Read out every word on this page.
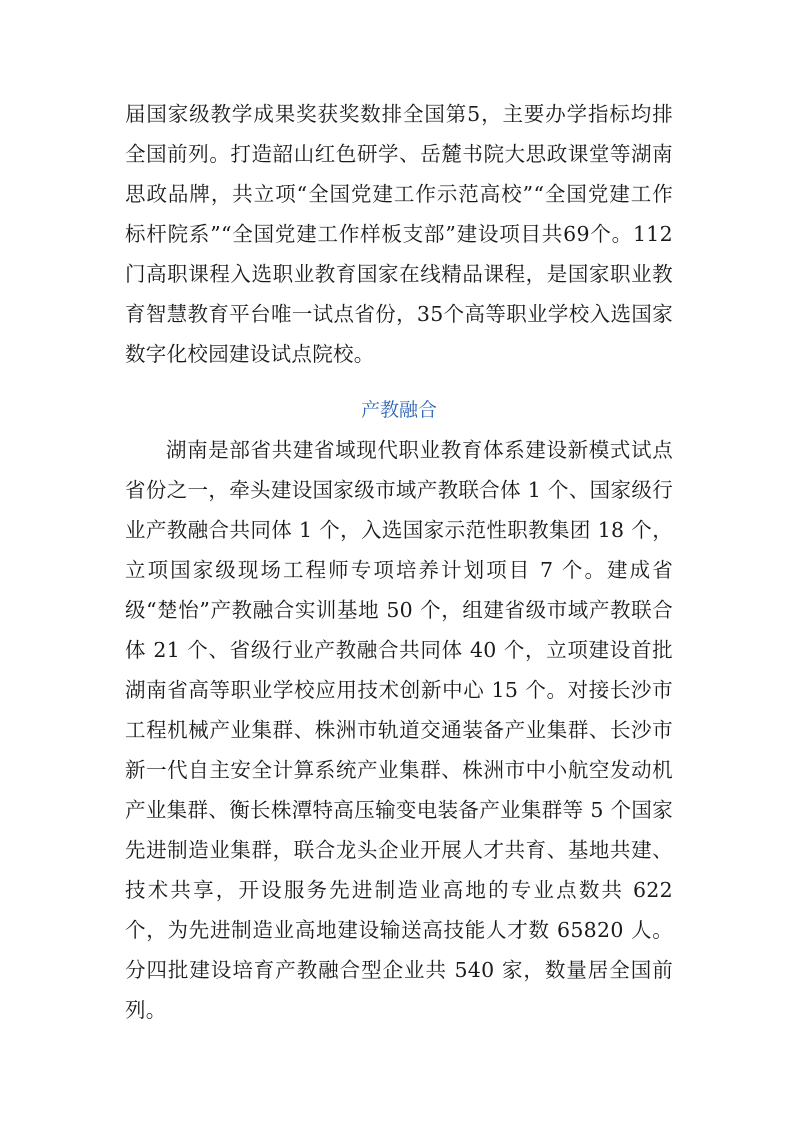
届国家级教学成果奖获奖数排全国第5，主要办学指标均排全国前列。打造韶山红色研学、岳麓书院大思政课堂等湖南思政品牌，共立项“全国党建工作示范高校”“全国党建工作标杆院系”“全国党建工作样板支部”建设项目共69个。112门高职课程入选职业教育国家在线精品课程，是国家职业教育智慧教育平台唯一试点省份，35个高等职业学校入选国家数字化校园建设试点院校。

产教融合

湖南是部省共建省域现代职业教育体系建设新模式试点省份之一，牵头建设国家级市域产教联合体 1 个、国家级行业产教融合共同体 1 个，入选国家示范性职教集团 18 个，立项国家级现场工程师专项培养计划项目 7 个。建成省级“楚怡”产教融合实训基地 50 个，组建省级市域产教联合体 21 个、省级行业产教融合共同体 40 个，立项建设首批湖南省高等职业学校应用技术创新中心 15 个。对接长沙市工程机械产业集群、株洲市轨道交通装备产业集群、长沙市新一代自主安全计算系统产业集群、株洲市中小航空发动机产业集群、衡长株潭特高压输变电装备产业集群等 5 个国家先进制造业集群，联合龙头企业开展人才共育、基地共建、技术共享，开设服务先进制造业高地的专业点数共 622 个，为先进制造业高地建设输送高技能人才数 65820 人。分四批建设培育产教融合型企业共 540 家，数量居全国前列。
